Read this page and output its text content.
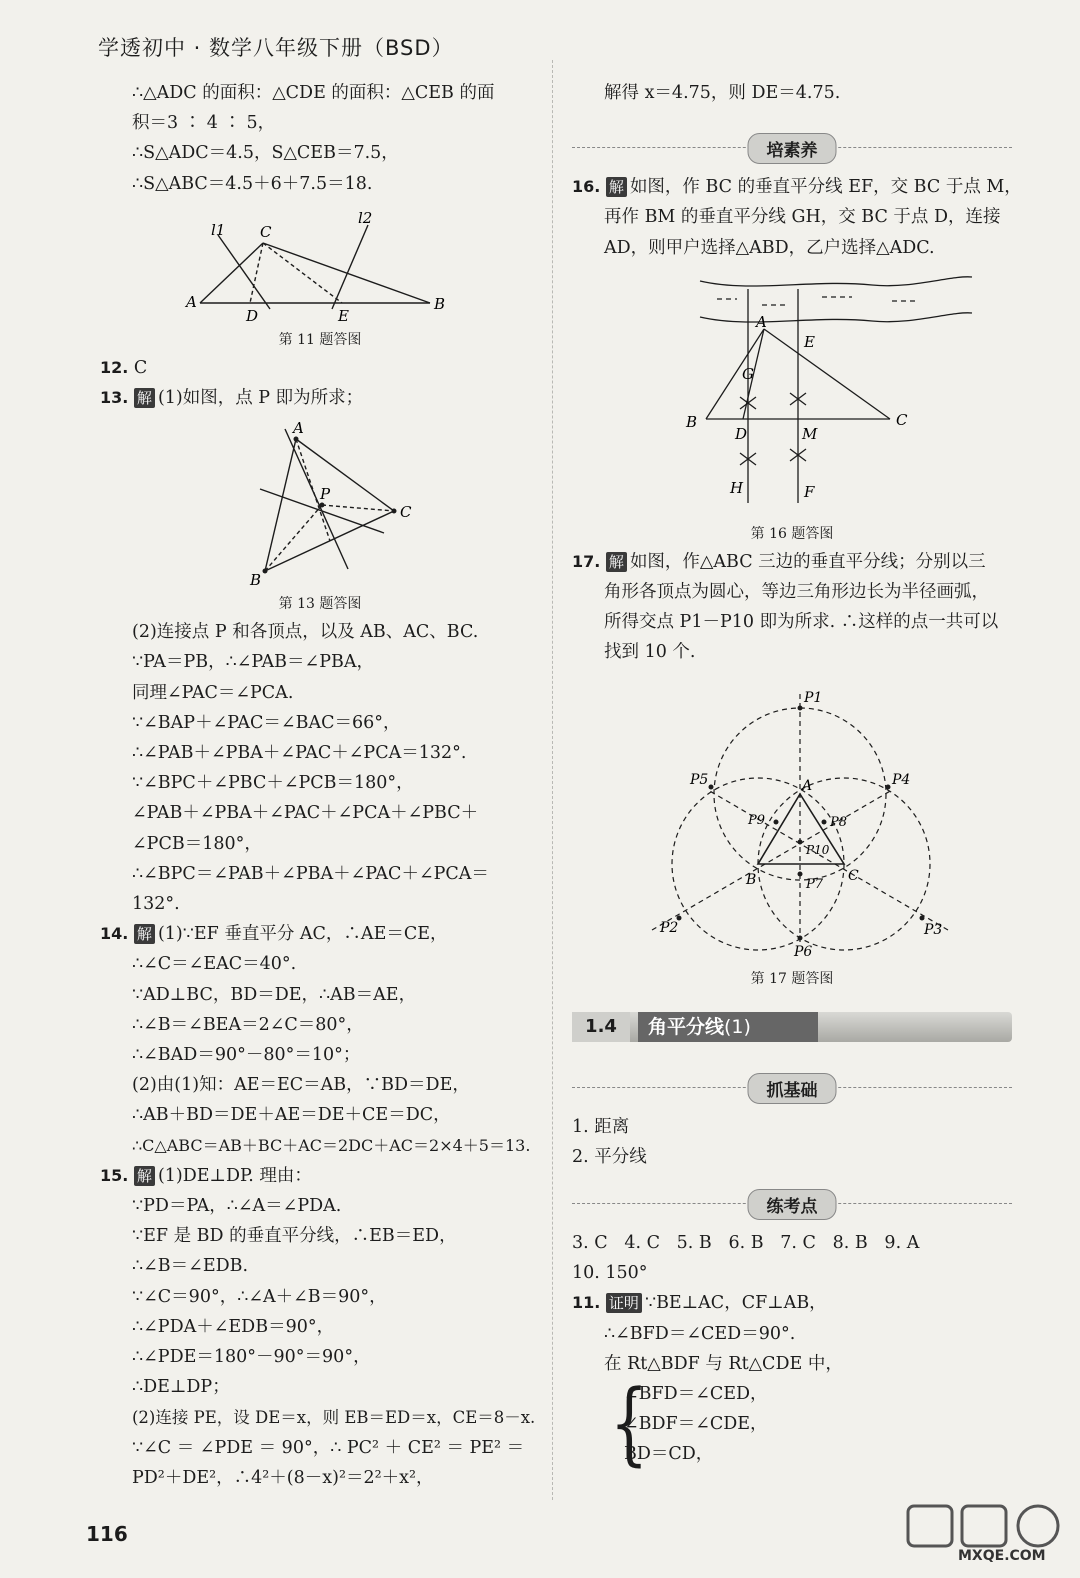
学透初中 · 数学八年级下册（BSD）
∴△ADC 的面积：△CDE 的面积：△CEB 的面
积＝3 ∶ 4 ∶ 5，
∴S△ADC＝4.5，S△CEB＝7.5，
∴S△ABC＝4.5＋6＋7.5＝18.
l1
l2
A
C
D	E
B
第 11 题答图
12. C
13. 解 (1)如图，点 P 即为所求；
A
B
C
P
第 13 题答图
(2)连接点 P 和各顶点，以及 AB、AC、BC.
∵PA＝PB，∴∠PAB＝∠PBA，
同理∠PAC＝∠PCA.
∵∠BAP＋∠PAC＝∠BAC＝66°，
∴∠PAB＋∠PBA＋∠PAC＋∠PCA＝132°.
∵∠BPC＋∠PBC＋∠PCB＝180°，
∠PAB＋∠PBA＋∠PAC＋∠PCA＋∠PBC＋
∠PCB＝180°，
∴∠BPC＝∠PAB＋∠PBA＋∠PAC＋∠PCA＝
132°.
14. 解 (1)∵EF 垂直平分 AC，∴AE＝CE，
∴∠C＝∠EAC＝40°.
∵AD⊥BC，BD＝DE，∴AB＝AE，
∴∠B＝∠BEA＝2∠C＝80°，
∴∠BAD＝90°－80°＝10°；
(2)由(1)知：AE＝EC＝AB，∵BD＝DE，
∴AB＋BD＝DE＋AE＝DE＋CE＝DC，
∴C△ABC＝AB＋BC＋AC＝2DC＋AC＝2×4＋5＝13.
15. 解 (1)DE⊥DP. 理由：
∵PD＝PA，∴∠A＝∠PDA.
∵EF 是 BD 的垂直平分线，∴EB＝ED，
∴∠B＝∠EDB.
∵∠C＝90°，∴∠A＋∠B＝90°，
∴∠PDA＋∠EDB＝90°，
∴∠PDE＝180°－90°＝90°，
∴DE⊥DP；
(2)连接 PE，设 DE＝x，则 EB＝ED＝x，CE＝8－x.
∵∠C ＝ ∠PDE ＝ 90°，∴ PC² ＋ CE² ＝ PE² ＝
PD²＋DE²，∴4²＋(8－x)²＝2²＋x²，
解得 x＝4.75，则 DE＝4.75.
培素养
16. 解 如图，作 BC 的垂直平分线 EF，交 BC 于点 M，
再作 BM 的垂直平分线 GH，交 BC 于点 D，连接
AD，则甲户选择△ABD，乙户选择△ADC.
A
E
G
B	C
D	M
H	F
第 16 题答图
17. 解 如图，作△ABC 三边的垂直平分线；分别以三
角形各顶点为圆心，等边三角形边长为半径画弧，
所得交点 P1－P10 即为所求. ∴这样的点一共可以
找到 10 个.
P1
P5	P4
A
P9	P8
P10
B	C
P7
P2	P3
P6
第 17 题答图
1.4	角平分线(1)
抓基础
1. 距离
2. 平分线
练考点
3. C   4. C   5. B   6. B   7. C   8. B   9. A
10. 150°
11. 证明 ∵BE⊥AC，CF⊥AB，
∴∠BFD＝∠CED＝90°.
在 Rt△BDF 与 Rt△CDE 中，
{
∠BFD＝∠CED，
∠BDF＝∠CDE，
BD＝CD，
116
MXQE.COM
